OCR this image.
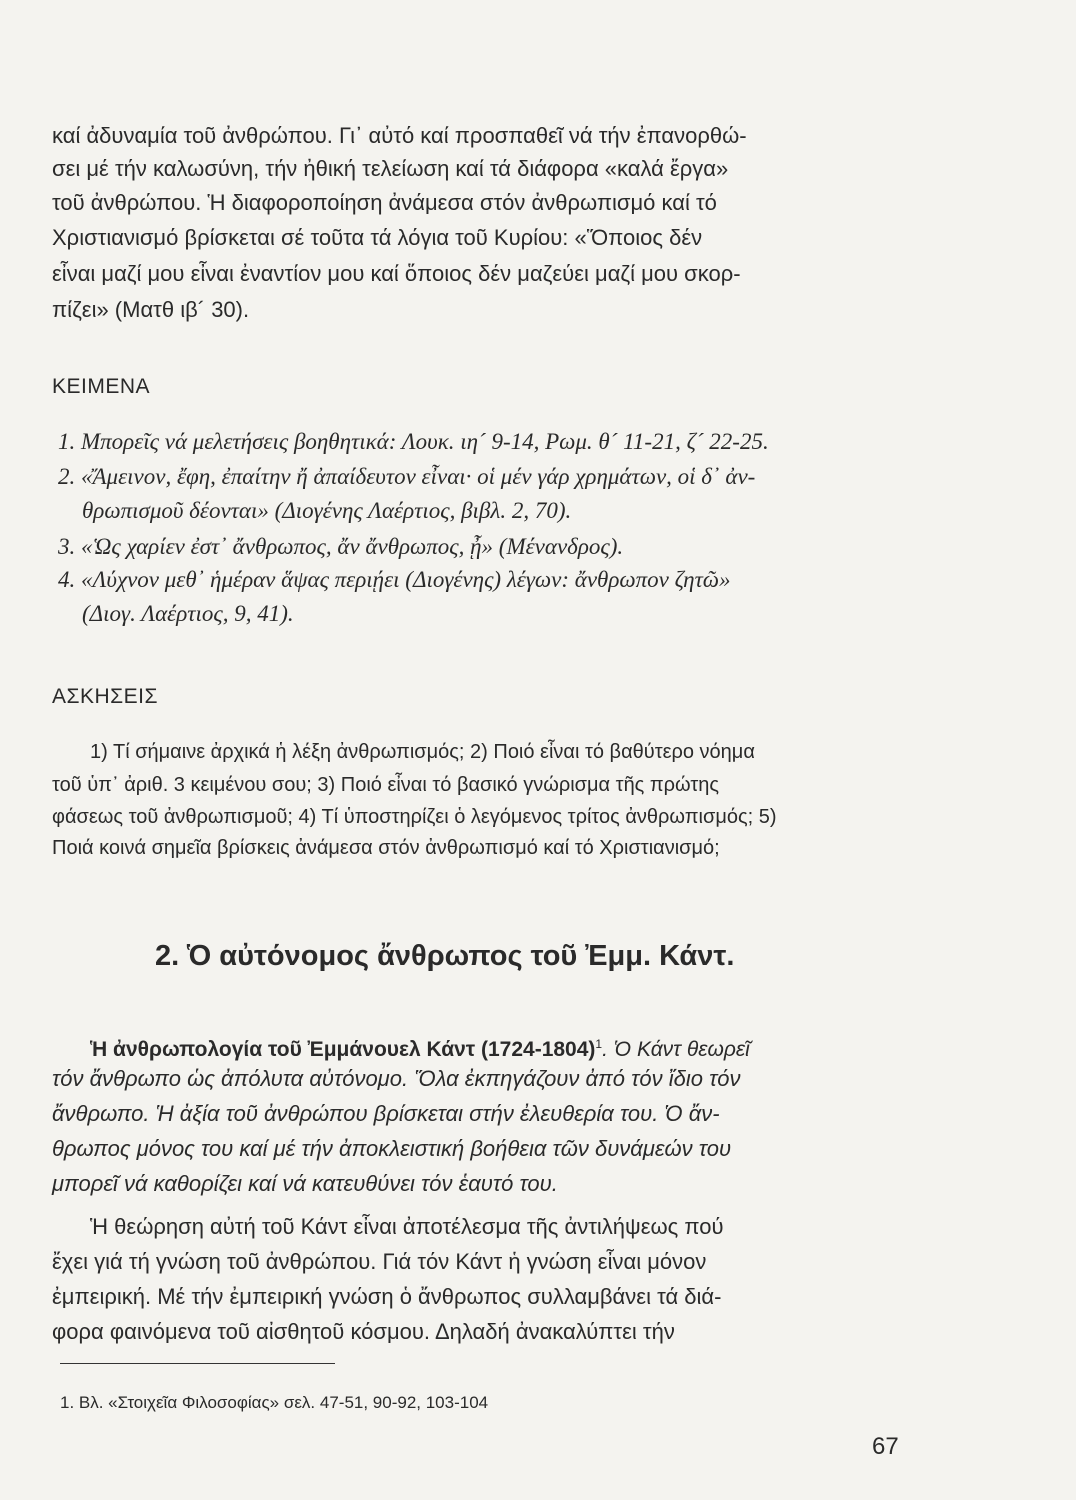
καί ἀδυναμία τοῦ ἀνθρώπου. Γι᾿ αὐτό καί προσπαθεῖ νά τήν ἐπανορθώ-
σει μέ τήν καλωσύνη, τήν ἠθική τελείωση καί τά διάφορα «καλά ἔργα»
τοῦ ἀνθρώπου. Ἡ διαφοροποίηση ἀνάμεσα στόν ἀνθρωπισμό καί τό
Χριστιανισμό βρίσκεται σέ τοῦτα τά λόγια τοῦ Κυρίου: «Ὅποιος δέν
εἶναι μαζί μου εἶναι ἐναντίον μου καί ὅποιος δέν μαζεύει μαζί μου σκορ-
πίζει» (Ματθ ιβ´ 30).
ΚΕΙΜΕΝΑ
1. Μπορεῖς νά μελετήσεις βοηθητικά: Λουκ. ιη´ 9-14, Ρωμ. θ´ 11-21, ζ´ 22-25.
2. «Ἄμεινον, ἔφη, ἐπαίτην ἤ ἀπαίδευτον εἶναι· οἱ μέν γάρ χρημάτων, οἱ δ᾿ ἀν-
θρωπισμοῦ δέονται» (Διογένης Λαέρτιος, βιβλ. 2, 70).
3. «Ὡς χαρίεν ἐστ᾿ ἄνθρωπος, ἄν ἄνθρωπος, ᾖ» (Μένανδρος).
4. «Λύχνον μεθ᾿ ἡμέραν ἅψας περιῄει (Διογένης) λέγων: ἄνθρωπον ζητῶ»
(Διογ. Λαέρτιος, 9, 41).
ΑΣΚΗΣΕΙΣ
1) Τί σήμαινε ἀρχικά ἡ λέξη ἀνθρωπισμός; 2) Ποιό εἶναι τό βαθύτερο νόημα
τοῦ ὑπ᾿ ἀριθ. 3 κειμένου σου; 3) Ποιό εἶναι τό βασικό γνώρισμα τῆς πρώτης
φάσεως τοῦ ἀνθρωπισμοῦ; 4) Τί ὑποστηρίζει ὁ λεγόμενος τρίτος ἀνθρωπισμός; 5)
Ποιά κοινά σημεῖα βρίσκεις ἀνάμεσα στόν ἀνθρωπισμό καί τό Χριστιανισμό;
2. Ὁ αὐτόνομος ἄνθρωπος τοῦ Ἐμμ. Κάντ.
Ἡ ἀνθρωπολογία τοῦ Ἐμμάνουελ Κάντ (1724-1804)$^1$. Ὁ Κάντ θεωρεῖ
τόν ἄνθρωπο ὡς ἀπόλυτα αὐτόνομο. Ὅλα ἐκπηγάζουν ἀπό τόν ἴδιο τόν
ἄνθρωπο. Ἡ ἀξία τοῦ ἀνθρώπου βρίσκεται στήν ἐλευθερία του. Ὁ ἄν-
θρωπος μόνος του καί μέ τήν ἀποκλειστική βοήθεια τῶν δυνάμεών του
μπορεῖ νά καθορίζει καί νά κατευθύνει τόν ἑαυτό του.
Ἡ θεώρηση αὐτή τοῦ Κάντ εἶναι ἀποτέλεσμα τῆς ἀντιλήψεως πού
ἔχει γιά τή γνώση τοῦ ἀνθρώπου. Γιά τόν Κάντ ἡ γνώση εἶναι μόνον
ἐμπειρική. Μέ τήν ἐμπειρική γνώση ὁ ἄνθρωπος συλλαμβάνει τά διά-
φορα φαινόμενα τοῦ αἰσθητοῦ κόσμου. Δηλαδή ἀνακαλύπτει τήν
1. Βλ. «Στοιχεῖα Φιλοσοφίας» σελ. 47-51, 90-92, 103-104
67
